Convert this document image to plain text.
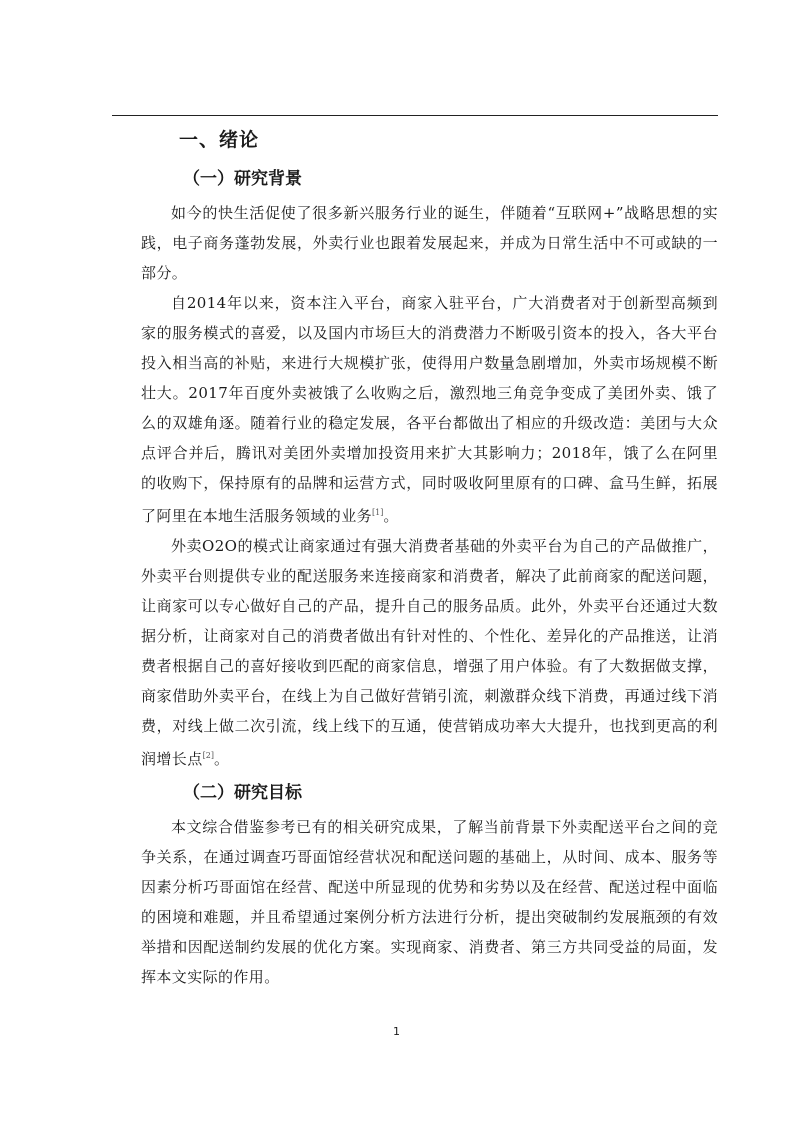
一、绪论
（一）研究背景

如今的快生活促使了很多新兴服务行业的诞生，伴随着“互联网+”战略思想的实践，电子商务蓬勃发展，外卖行业也跟着发展起来，并成为日常生活中不可或缺的一部分。

自2014年以来，资本注入平台，商家入驻平台，广大消费者对于创新型高频到家的服务模式的喜爱，以及国内市场巨大的消费潜力不断吸引资本的投入，各大平台投入相当高的补贴，来进行大规模扩张，使得用户数量急剧增加，外卖市场规模不断壮大。2017年百度外卖被饿了么收购之后，激烈地三角竞争变成了美团外卖、饿了么的双雄角逐。随着行业的稳定发展，各平台都做出了相应的升级改造：美团与大众点评合并后，腾讯对美团外卖增加投资用来扩大其影响力；2018年，饿了么在阿里的收购下，保持原有的品牌和运营方式，同时吸收阿里原有的口碑、盒马生鲜，拓展了阿里在本地生活服务领域的业务[1]。

外卖O2O的模式让商家通过有强大消费者基础的外卖平台为自己的产品做推广，外卖平台则提供专业的配送服务来连接商家和消费者，解决了此前商家的配送问题，让商家可以专心做好自己的产品，提升自己的服务品质。此外，外卖平台还通过大数据分析，让商家对自己的消费者做出有针对性的、个性化、差异化的产品推送，让消费者根据自己的喜好接收到匹配的商家信息，增强了用户体验。有了大数据做支撑，商家借助外卖平台，在线上为自己做好营销引流，刺激群众线下消费，再通过线下消费，对线上做二次引流，线上线下的互通，使营销成功率大大提升，也找到更高的利润增长点[2]。

（二）研究目标

本文综合借鉴参考已有的相关研究成果，了解当前背景下外卖配送平台之间的竞争关系，在通过调查巧哥面馆经营状况和配送问题的基础上，从时间、成本、服务等因素分析巧哥面馆在经营、配送中所显现的优势和劣势以及在经营、配送过程中面临的困境和难题，并且希望通过案例分析方法进行分析，提出突破制约发展瓶颈的有效举措和因配送制约发展的优化方案。实现商家、消费者、第三方共同受益的局面，发挥本文实际的作用。

1
